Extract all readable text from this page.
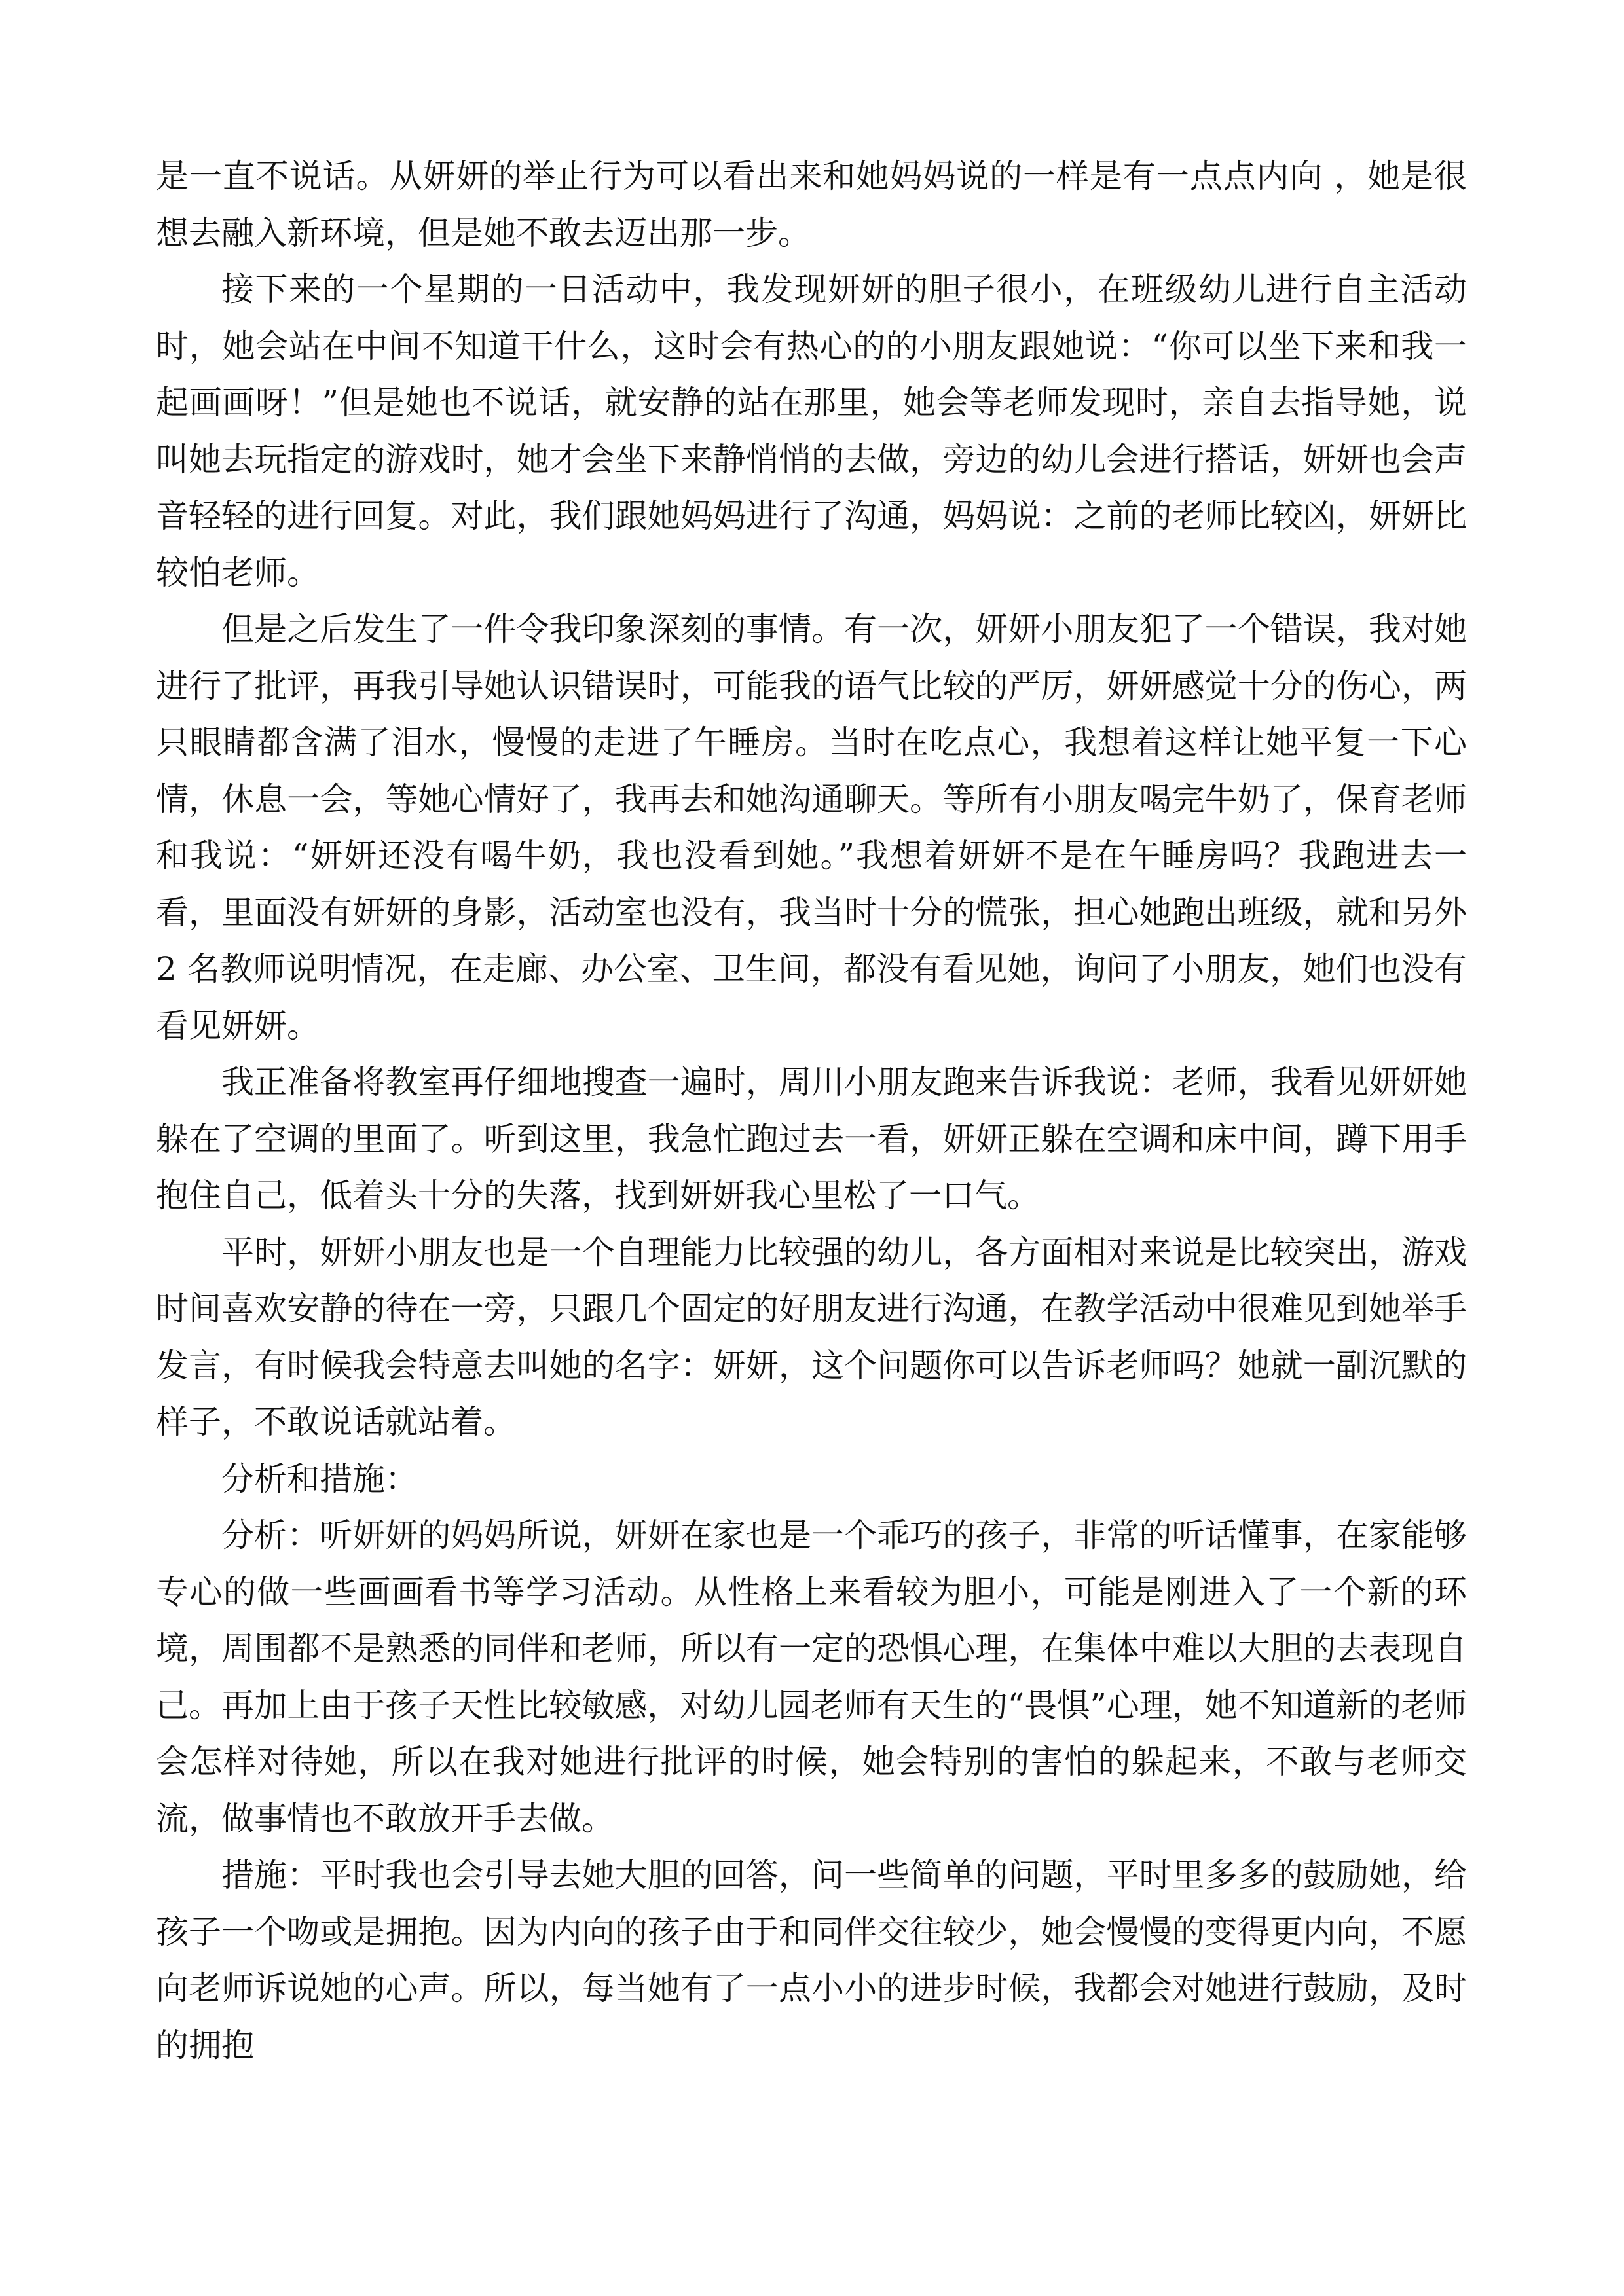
是一直不说话。从妍妍的举止行为可以看出来和她妈妈说的一样是有一点点内向 ，她是很想去融入新环境，但是她不敢去迈出那一步。

接下来的一个星期的一日活动中，我发现妍妍的胆子很小，在班级幼儿进行自主活动时，她会站在中间不知道干什么，这时会有热心的的小朋友跟她说：“你可以坐下来和我一起画画呀！”但是她也不说话，就安静的站在那里，她会等老师发现时，亲自去指导她，说叫她去玩指定的游戏时，她才会坐下来静悄悄的去做，旁边的幼儿会进行搭话，妍妍也会声音轻轻的进行回复。对此，我们跟她妈妈进行了沟通，妈妈说：之前的老师比较凶，妍妍比较怕老师。

但是之后发生了一件令我印象深刻的事情。有一次，妍妍小朋友犯了一个错误，我对她进行了批评，再我引导她认识错误时，可能我的语气比较的严厉，妍妍感觉十分的伤心，两只眼睛都含满了泪水，慢慢的走进了午睡房。当时在吃点心，我想着这样让她平复一下心情，休息一会，等她心情好了，我再去和她沟通聊天。等所有小朋友喝完牛奶了，保育老师和我说：“妍妍还没有喝牛奶，我也没看到她。”我想着妍妍不是在午睡房吗？我跑进去一看，里面没有妍妍的身影，活动室也没有，我当时十分的慌张，担心她跑出班级，就和另外 2 名教师说明情况，在走廊、办公室、卫生间，都没有看见她，询问了小朋友，她们也没有看见妍妍。

我正准备将教室再仔细地搜查一遍时，周川小朋友跑来告诉我说：老师，我看见妍妍她躲在了空调的里面了。听到这里，我急忙跑过去一看，妍妍正躲在空调和床中间，蹲下用手抱住自己，低着头十分的失落，找到妍妍我心里松了一口气。

平时，妍妍小朋友也是一个自理能力比较强的幼儿，各方面相对来说是比较突出，游戏时间喜欢安静的待在一旁，只跟几个固定的好朋友进行沟通，在教学活动中很难见到她举手发言，有时候我会特意去叫她的名字：妍妍，这个问题你可以告诉老师吗？她就一副沉默的样子，不敢说话就站着。

分析和措施：

分析：听妍妍的妈妈所说，妍妍在家也是一个乖巧的孩子，非常的听话懂事，在家能够专心的做一些画画看书等学习活动。从性格上来看较为胆小，可能是刚进入了一个新的环境，周围都不是熟悉的同伴和老师，所以有一定的恐惧心理，在集体中难以大胆的去表现自己。再加上由于孩子天性比较敏感，对幼儿园老师有天生的“畏惧”心理，她不知道新的老师会怎样对待她，所以在我对她进行批评的时候，她会特别的害怕的躲起来，不敢与老师交流，做事情也不敢放开手去做。

措施：平时我也会引导去她大胆的回答，问一些简单的问题，平时里多多的鼓励她，给孩子一个吻或是拥抱。因为内向的孩子由于和同伴交往较少，她会慢慢的变得更内向，不愿向老师诉说她的心声。所以，每当她有了一点小小的进步时候，我都会对她进行鼓励，及时的拥抱
